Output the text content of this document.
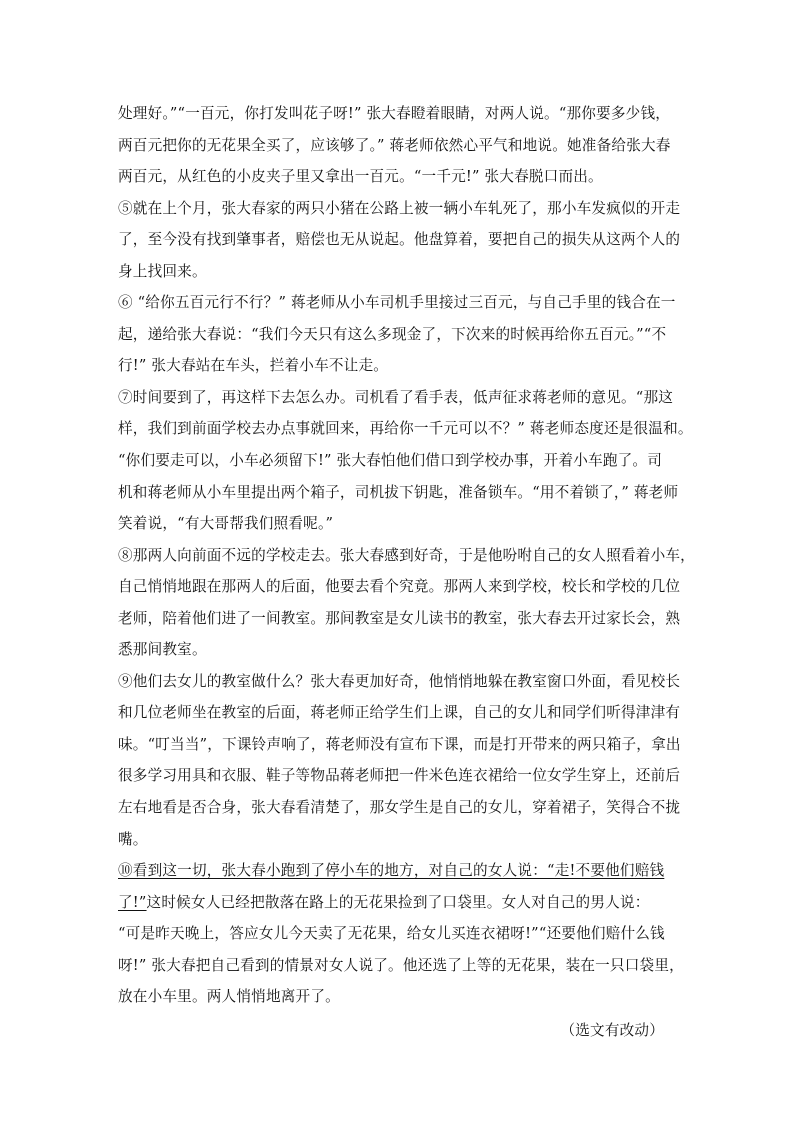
处理好。”“一百元，你打发叫花子呀!” 张大春瞪着眼睛，对两人说。“那你要多少钱，
两百元把你的无花果全买了，应该够了。” 蒋老师依然心平气和地说。她准备给张大春
两百元，从红色的小皮夹子里又拿出一百元。“一千元!” 张大春脱口而出。
⑤就在上个月，张大春家的两只小猪在公路上被一辆小车轧死了，那小车发疯似的开走
了，至今没有找到肇事者，赔偿也无从说起。他盘算着，要把自己的损失从这两个人的
身上找回来。
⑥ “给你五百元行不行？” 蒋老师从小车司机手里接过三百元，与自己手里的钱合在一
起，递给张大春说：“我们今天只有这么多现金了，下次来的时候再给你五百元。”“不
行!” 张大春站在车头，拦着小车不让走。
⑦时间要到了，再这样下去怎么办。司机看了看手表，低声征求蒋老师的意见。“那这
样，我们到前面学校去办点事就回来，再给你一千元可以不？” 蒋老师态度还是很温和。
“你们要走可以，小车必须留下!” 张大春怕他们借口到学校办事，开着小车跑了。司
机和蒋老师从小车里提出两个箱子，司机拔下钥匙，准备锁车。“用不着锁了，” 蒋老师
笑着说，“有大哥帮我们照看呢。”
⑧那两人向前面不远的学校走去。张大春感到好奇，于是他吩咐自己的女人照看着小车，
自己悄悄地跟在那两人的后面，他要去看个究竟。那两人来到学校，校长和学校的几位
老师，陪着他们进了一间教室。那间教室是女儿读书的教室，张大春去开过家长会，熟
悉那间教室。
⑨他们去女儿的教室做什么？张大春更加好奇，他悄悄地躲在教室窗口外面，看见校长
和几位老师坐在教室的后面，蒋老师正给学生们上课，自己的女儿和同学们听得津津有
味。“叮当当”，下课铃声响了，蒋老师没有宣布下课，而是打开带来的两只箱子，拿出
很多学习用具和衣服、鞋子等物品蒋老师把一件米色连衣裙给一位女学生穿上，还前后
左右地看是否合身，张大春看清楚了，那女学生是自己的女儿，穿着裙子，笑得合不拢
嘴。
⑩看到这一切，张大春小跑到了停小车的地方，对自己的女人说：“走!不要他们赔钱
了!”这时候女人已经把散落在路上的无花果捡到了口袋里。女人对自己的男人说：
“可是昨天晚上，答应女儿今天卖了无花果，给女儿买连衣裙呀!”“还要他们赔什么钱
呀!” 张大春把自己看到的情景对女人说了。他还选了上等的无花果，装在一只口袋里，
放在小车里。两人悄悄地离开了。
（选文有改动）
